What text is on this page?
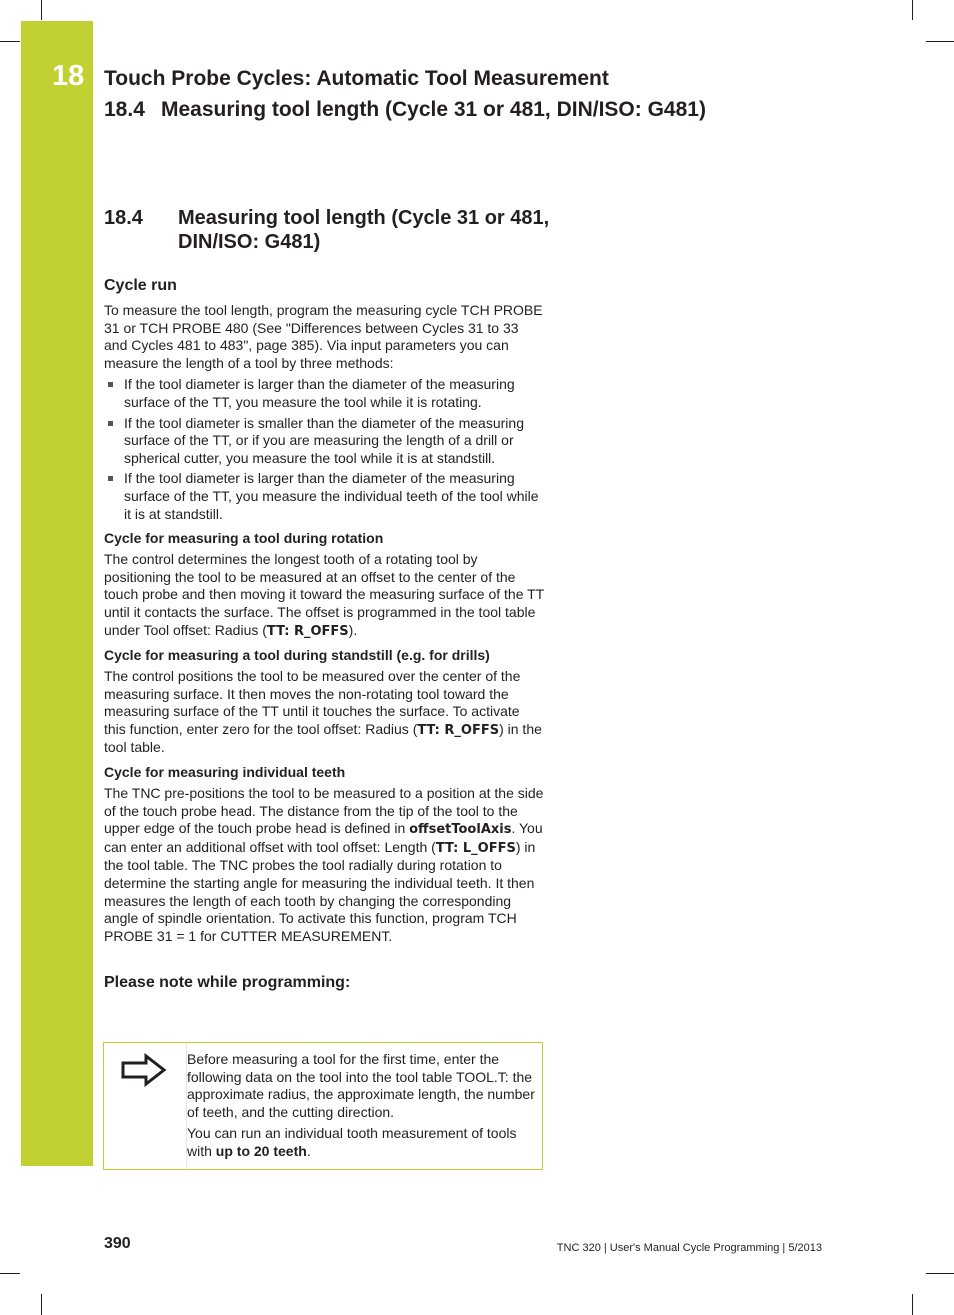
18 Touch Probe Cycles: Automatic Tool Measurement
18.4 Measuring tool length (Cycle 31 or 481, DIN/ISO: G481)
18.4 Measuring tool length (Cycle 31 or 481,
DIN/ISO: G481)
Cycle run

To measure the tool length, program the measuring cycle TCH PROBE 31 or TCH PROBE 480 (See "Differences between Cycles 31 to 33 and Cycles 481 to 483", page 385). Via input parameters you can measure the length of a tool by three methods:

If the tool diameter is larger than the diameter of the measuring surface of the TT, you measure the tool while it is rotating.
If the tool diameter is smaller than the diameter of the measuring surface of the TT, or if you are measuring the length of a drill or spherical cutter, you measure the tool while it is at standstill.
If the tool diameter is larger than the diameter of the measuring surface of the TT, you measure the individual teeth of the tool while it is at standstill.
Cycle for measuring a tool during rotation

The control determines the longest tooth of a rotating tool by positioning the tool to be measured at an offset to the center of the touch probe and then moving it toward the measuring surface of the TT until it contacts the surface. The offset is programmed in the tool table under Tool offset: Radius (TT: R_OFFS).

Cycle for measuring a tool during standstill (e.g. for drills)

The control positions the tool to be measured over the center of the measuring surface. It then moves the non-rotating tool toward the measuring surface of the TT until it touches the surface. To activate this function, enter zero for the tool offset: Radius (TT: R_OFFS) in the tool table.

Cycle for measuring individual teeth

The TNC pre-positions the tool to be measured to a position at the side of the touch probe head. The distance from the tip of the tool to the upper edge of the touch probe head is defined in offsetToolAxis. You can enter an additional offset with tool offset: Length (TT: L_OFFS) in the tool table. The TNC probes the tool radially during rotation to determine the starting angle for measuring the individual teeth. It then measures the length of each tooth by changing the corresponding angle of spindle orientation. To activate this function, program TCH PROBE 31 = 1 for CUTTER MEASUREMENT.

Please note while programming:

Before measuring a tool for the first time, enter the following data on the tool into the tool table TOOL.T: the approximate radius, the approximate length, the number of teeth, and the cutting direction.

You can run an individual tooth measurement of tools with up to 20 teeth.

390	TNC 320 | User's Manual Cycle Programming | 5/2013
